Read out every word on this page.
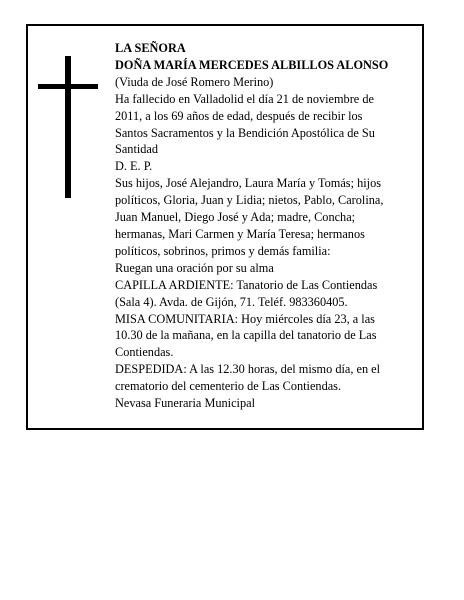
LA SEÑORA
DOÑA MARÍA MERCEDES ALBILLOS ALONSO
(Viuda de José Romero Merino)
Ha fallecido en Valladolid el día 21 de noviembre de
2011, a los 69 años de edad, después de recibir los
Santos Sacramentos y la Bendición Apostólica de Su
Santidad
D. E. P.
Sus hijos, José Alejandro, Laura María y Tomás; hijos
políticos, Gloria, Juan y Lidia; nietos, Pablo, Carolina,
Juan Manuel, Diego José y Ada; madre, Concha;
hermanas, Mari Carmen y María Teresa; hermanos
políticos, sobrinos, primos y demás familia:
Ruegan una oración por su alma
CAPILLA ARDIENTE: Tanatorio de Las Contiendas
(Sala 4). Avda. de Gijón, 71. Teléf. 983360405.
MISA COMUNITARIA: Hoy miércoles día 23, a las
10.30 de la mañana, en la capilla del tanatorio de Las
Contiendas.
DESPEDIDA: A las 12.30 horas, del mismo día, en el
crematorio del cementerio de Las Contiendas.
Nevasa Funeraria Municipal
